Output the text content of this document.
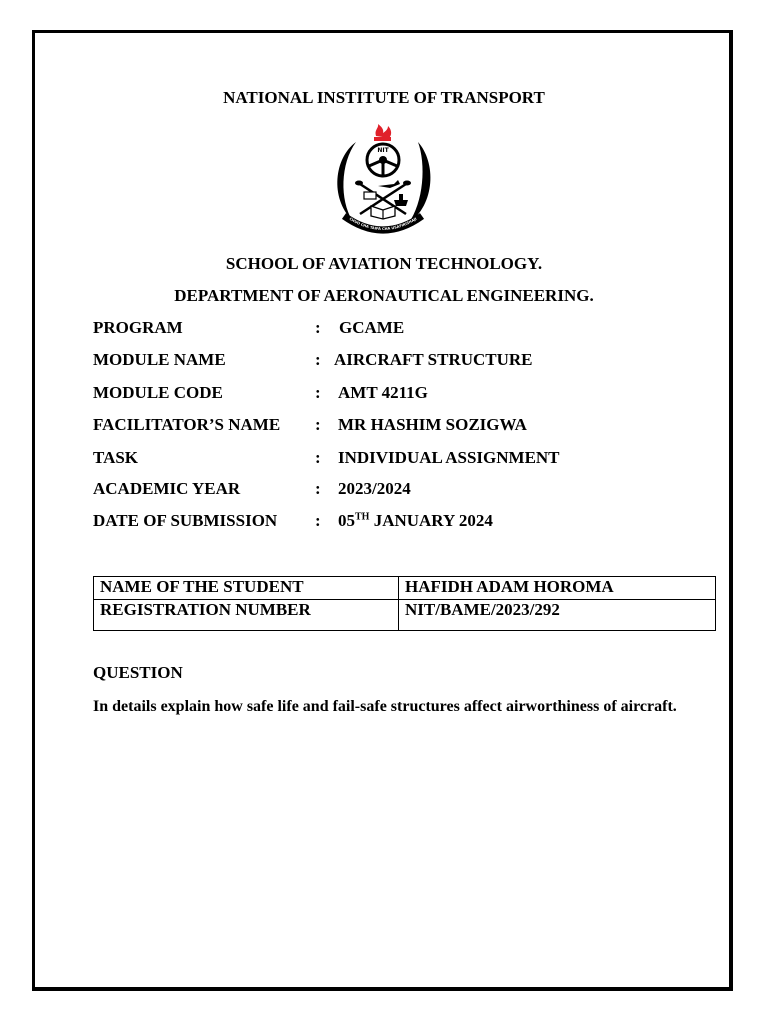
NATIONAL INSTITUTE OF TRANSPORT
NIT
CHUO CHA TAIFA CHA USAFIRISHAJI
SCHOOL OF AVIATION TECHNOLOGY.
DEPARTMENT OF AERONAUTICAL ENGINEERING.
PROGRAM	: GCAME
MODULE NAME	: AIRCRAFT STRUCTURE
MODULE CODE	: AMT 4211G
FACILITATOR’S NAME : MR HASHIM SOZIGWA
TASK	: INDIVIDUAL ASSIGNMENT
ACADEMIC YEAR	: 2023/2024
DATE OF SUBMISSION : 05TH JANUARY 2024
NAME OF THE STUDENT	HAFIDH ADAM HOROMA
REGISTRATION NUMBER	NIT/BAME/2023/292
QUESTION
In details explain how safe life and fail-safe structures affect airworthiness of aircraft.
